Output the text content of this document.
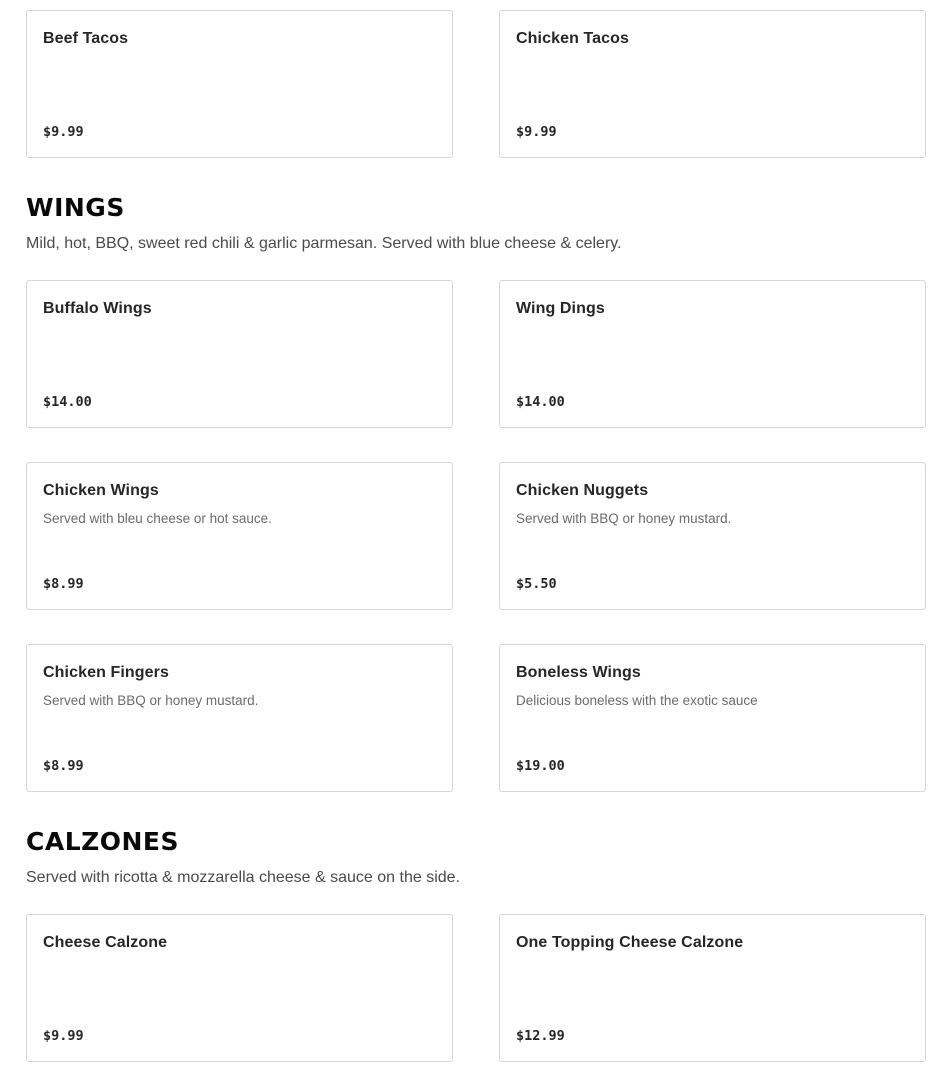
Beef Tacos
$9.99
Chicken Tacos
$9.99
WINGS

Mild, hot, BBQ, sweet red chili & garlic parmesan. Served with blue cheese & celery.

Buffalo Wings
$14.00
Wing Dings
$14.00
Chicken Wings
Served with bleu cheese or hot sauce.
$8.99
Chicken Nuggets
Served with BBQ or honey mustard.
$5.50
Chicken Fingers
Served with BBQ or honey mustard.
$8.99
Boneless Wings
Delicious boneless with the exotic sauce
$19.00
CALZONES

Served with ricotta & mozzarella cheese & sauce on the side.

Cheese Calzone
$9.99
One Topping Cheese Calzone
$12.99
